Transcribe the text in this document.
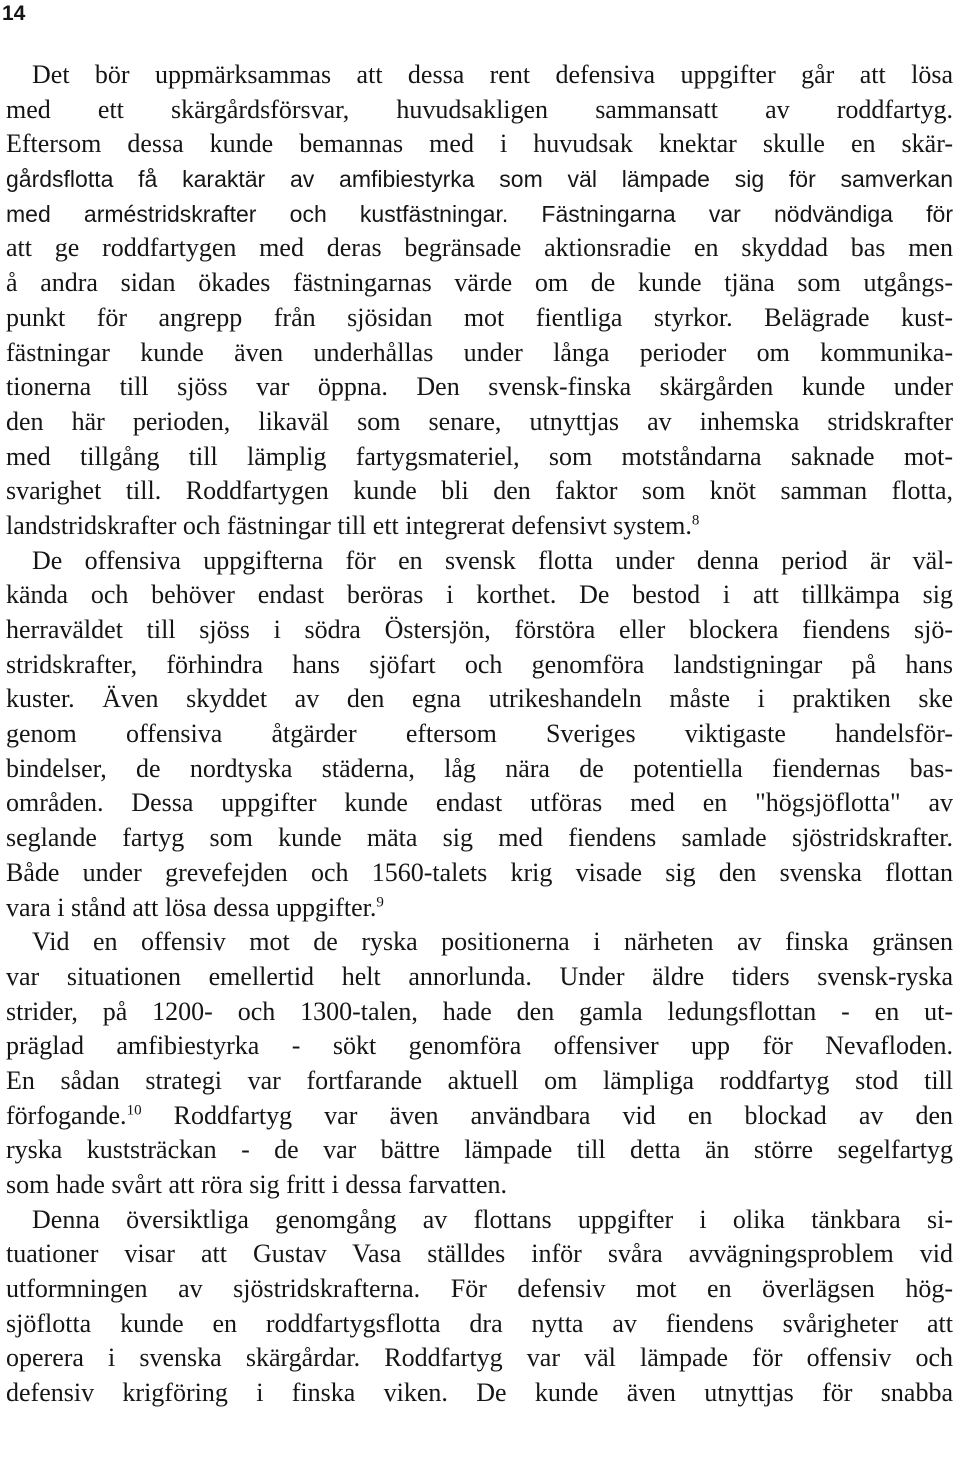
14
Det bör uppmärksammas att dessa rent defensiva uppgifter går att lösa
med ett skärgårdsförsvar, huvudsakligen sammansatt av roddfartyg.
Eftersom dessa kunde bemannas med i huvudsak knektar skulle en skär-
gårdsflotta få karaktär av amfibiestyrka som väl lämpade sig för samverkan
med arméstridskrafter och kustfästningar. Fästningarna var nödvändiga för
att ge roddfartygen med deras begränsade aktionsradie en skyddad bas men
å andra sidan ökades fästningarnas värde om de kunde tjäna som utgångs-
punkt för angrepp från sjösidan mot fientliga styrkor. Belägrade kust-
fästningar kunde även underhållas under långa perioder om kommunika-
tionerna till sjöss var öppna. Den svensk-finska skärgården kunde under
den här perioden, likaväl som senare, utnyttjas av inhemska stridskrafter
med tillgång till lämplig fartygsmateriel, som motståndarna saknade mot-
svarighet till. Roddfartygen kunde bli den faktor som knöt samman flotta,
landstridskrafter och fästningar till ett integrerat defensivt system.$^8$
De offensiva uppgifterna för en svensk flotta under denna period är väl-
kända och behöver endast beröras i korthet. De bestod i att tillkämpa sig
herraväldet till sjöss i södra Östersjön, förstöra eller blockera fiendens sjö-
stridskrafter, förhindra hans sjöfart och genomföra landstigningar på hans
kuster. Även skyddet av den egna utrikeshandeln måste i praktiken ske
genom offensiva åtgärder eftersom Sveriges viktigaste handelsför-
bindelser, de nordtyska städerna, låg nära de potentiella fiendernas bas-
områden. Dessa uppgifter kunde endast utföras med en "högsjöflotta" av
seglande fartyg som kunde mäta sig med fiendens samlade sjöstridskrafter.
Både under grevefejden och 1560-talets krig visade sig den svenska flottan
vara i stånd att lösa dessa uppgifter.$^9$
Vid en offensiv mot de ryska positionerna i närheten av finska gränsen
var situationen emellertid helt annorlunda. Under äldre tiders svensk-ryska
strider, på 1200- och 1300-talen, hade den gamla ledungsflottan - en ut-
präglad amfibiestyrka - sökt genomföra offensiver upp för Nevafloden.
En sådan strategi var fortfarande aktuell om lämpliga roddfartyg stod till
förfogande.$^{10}$ Roddfartyg var även användbara vid en blockad av den
ryska kuststräckan - de var bättre lämpade till detta än större segelfartyg
som hade svårt att röra sig fritt i dessa farvatten.
Denna översiktliga genomgång av flottans uppgifter i olika tänkbara si-
tuationer visar att Gustav Vasa ställdes inför svåra avvägningsproblem vid
utformningen av sjöstridskrafterna. För defensiv mot en överlägsen hög-
sjöflotta kunde en roddfartygsflotta dra nytta av fiendens svårigheter att
operera i svenska skärgårdar. Roddfartyg var väl lämpade för offensiv och
defensiv krigföring i finska viken. De kunde även utnyttjas för snabba
